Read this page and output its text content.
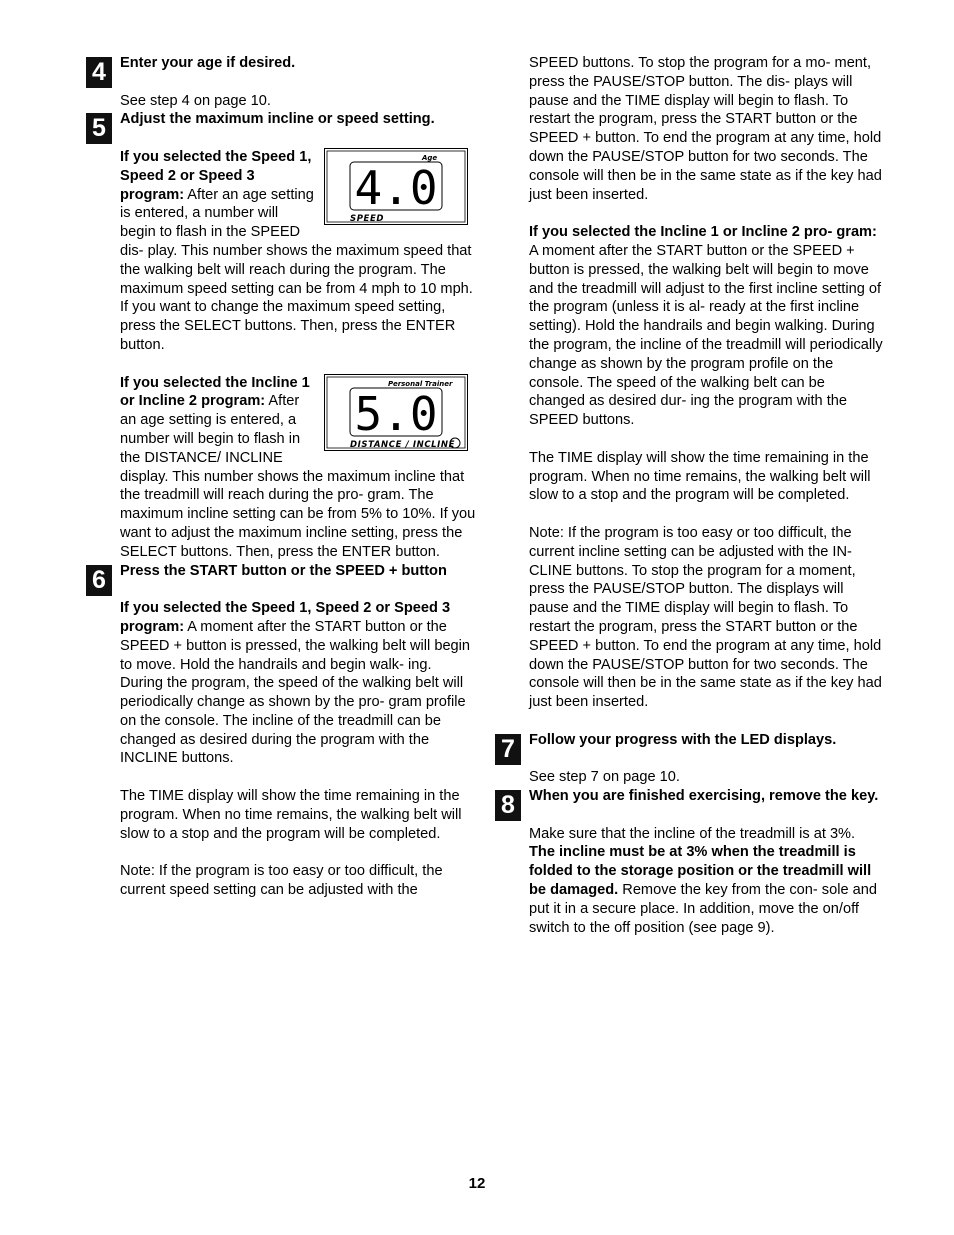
4 Enter your age if desired.

See step 4 on page 10.

5 Adjust the maximum incline or speed setting.

Age
4.0
SPEED
If you selected the Speed 1, Speed 2 or Speed 3 program: After an age setting is entered, a number will begin to flash in the SPEED dis- play. This number shows the maximum speed that the walking belt will reach during the program. The maximum speed setting can be from 4 mph to 10 mph. If you want to change the maximum speed setting, press the SELECT buttons. Then, press the ENTER button.

Personal Trainer
5.0
DISTANCE / INCLINE
If you selected the Incline 1 or Incline 2 program: After an age setting is entered, a number will begin to flash in the DISTANCE/ INCLINE display. This number shows the maximum incline that the treadmill will reach during the pro- gram. The maximum incline setting can be from 5% to 10%. If you want to adjust the maximum incline setting, press the SELECT buttons. Then, press the ENTER button.

6 Press the START button or the SPEED + button

If you selected the Speed 1, Speed 2 or Speed 3 program: A moment after the START button or the SPEED + button is pressed, the walking belt will begin to move. Hold the handrails and begin walk- ing. During the program, the speed of the walking belt will periodically change as shown by the pro- gram profile on the console. The incline of the treadmill can be changed as desired during the program with the INCLINE buttons.

The TIME display will show the time remaining in the program. When no time remains, the walking belt will slow to a stop and the program will be completed.

Note: If the program is too easy or too difficult, the current speed setting can be adjusted with the

SPEED buttons. To stop the program for a mo- ment, press the PAUSE/STOP button. The dis- plays will pause and the TIME display will begin to flash. To restart the program, press the START button or the SPEED + button. To end the program at any time, hold down the PAUSE/STOP button for two seconds. The console will then be in the same state as if the key had just been inserted.

If you selected the Incline 1 or Incline 2 pro- gram: A moment after the START button or the SPEED + button is pressed, the walking belt will begin to move and the treadmill will adjust to the first incline setting of the program (unless it is al- ready at the first incline setting). Hold the handrails and begin walking. During the program, the incline of the treadmill will periodically change as shown by the program profile on the console. The speed of the walking belt can be changed as desired dur- ing the program with the SPEED buttons.

The TIME display will show the time remaining in the program. When no time remains, the walking belt will slow to a stop and the program will be completed.

Note: If the program is too easy or too difficult, the current incline setting can be adjusted with the IN- CLINE buttons. To stop the program for a moment, press the PAUSE/STOP button. The displays will pause and the TIME display will begin to flash. To restart the program, press the START button or the SPEED + button. To end the program at any time, hold down the PAUSE/STOP button for two seconds. The console will then be in the same state as if the key had just been inserted.

7 Follow your progress with the LED displays.

See step 7 on page 10.

8 When you are finished exercising, remove the key.

Make sure that the incline of the treadmill is at 3%. The incline must be at 3% when the treadmill is folded to the storage position or the treadmill will be damaged. Remove the key from the con- sole and put it in a secure place. In addition, move the on/off switch to the off position (see page 9).

12
